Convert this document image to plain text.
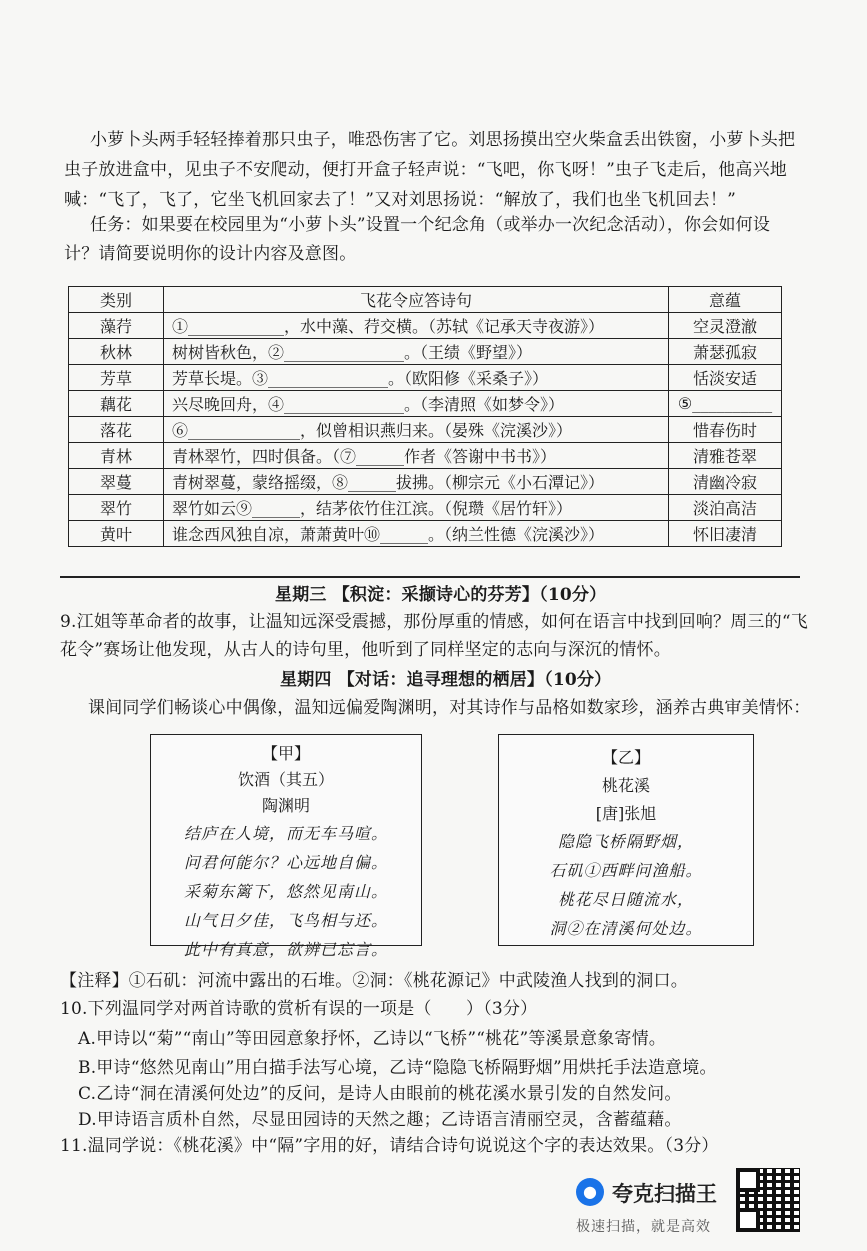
小萝卜头两手轻轻捧着那只虫子，唯恐伤害了它。刘思扬摸出空火柴盒丢出铁窗，小萝卜头把
虫子放进盒中，见虫子不安爬动，便打开盒子轻声说：“飞吧，你飞呀！”虫子飞走后，他高兴地
喊：“飞了，飞了，它坐飞机回家去了！”又对刘思扬说：“解放了，我们也坐飞机回去！”
任务：如果要在校园里为“小萝卜头”设置一个纪念角（或举办一次纪念活动），你会如何设
计？请简要说明你的设计内容及意图。
类别	飞花令应答诗句	意蕴
藻荇	①____________，水中藻、荇交横。（苏轼《记承天寺夜游》）	空灵澄澈
秋林	树树皆秋色，②_______________。（王绩《野望》）	萧瑟孤寂
芳草	芳草长堤。③_______________。（欧阳修《采桑子》）	恬淡安适
藕花	兴尽晚回舟，④_______________。（李清照《如梦令》）	⑤__________
落花	⑥______________，似曾相识燕归来。（晏殊《浣溪沙》）	惜春伤时
青林	青林翠竹，四时俱备。（⑦______作者《答谢中书书》）	清雅苍翠
翠蔓	青树翠蔓，蒙络摇缀，⑧______拔拂。（柳宗元《小石潭记》）	清幽冷寂
翠竹	翠竹如云⑨______，结茅依竹住江滨。（倪瓒《居竹轩》）	淡泊高洁
黄叶	谁念西风独自凉，萧萧黄叶⑩______。（纳兰性德《浣溪沙》）	怀旧凄清
星期三 【积淀：采撷诗心的芬芳】（10分）
9.江姐等革命者的故事，让温知远深受震撼，那份厚重的情感，如何在语言中找到回响？周三的“飞
花令”赛场让他发现，从古人的诗句里，他听到了同样坚定的志向与深沉的情怀。
星期四 【对话：追寻理想的栖居】（10分）
课间同学们畅谈心中偶像，温知远偏爱陶渊明，对其诗作与品格如数家珍，涵养古典审美情怀：
【甲】
饮酒（其五）
陶渊明
结庐在人境，而无车马喧。
问君何能尔？心远地自偏。
采菊东篱下，悠然见南山。
山气日夕佳，飞鸟相与还。
此中有真意，欲辨已忘言。
【乙】
桃花溪
[唐]张旭
隐隐飞桥隔野烟，
石矶①西畔问渔船。
桃花尽日随流水，
洞②在清溪何处边。
【注释】①石矶：河流中露出的石堆。②洞：《桃花源记》中武陵渔人找到的洞口。
10.下列温同学对两首诗歌的赏析有误的一项是（　　）（3分）
A.甲诗以“菊”“南山”等田园意象抒怀，乙诗以“飞桥”“桃花”等溪景意象寄情。
B.甲诗“悠然见南山”用白描手法写心境，乙诗“隐隐飞桥隔野烟”用烘托手法造意境。
C.乙诗“洞在清溪何处边”的反问，是诗人由眼前的桃花溪水景引发的自然发问。
D.甲诗语言质朴自然，尽显田园诗的天然之趣；乙诗语言清丽空灵，含蓄蕴藉。
11.温同学说：《桃花溪》中“隔”字用的好，请结合诗句说说这个字的表达效果。（3分）
● 夸克扫描王
极速扫描，就是高效
